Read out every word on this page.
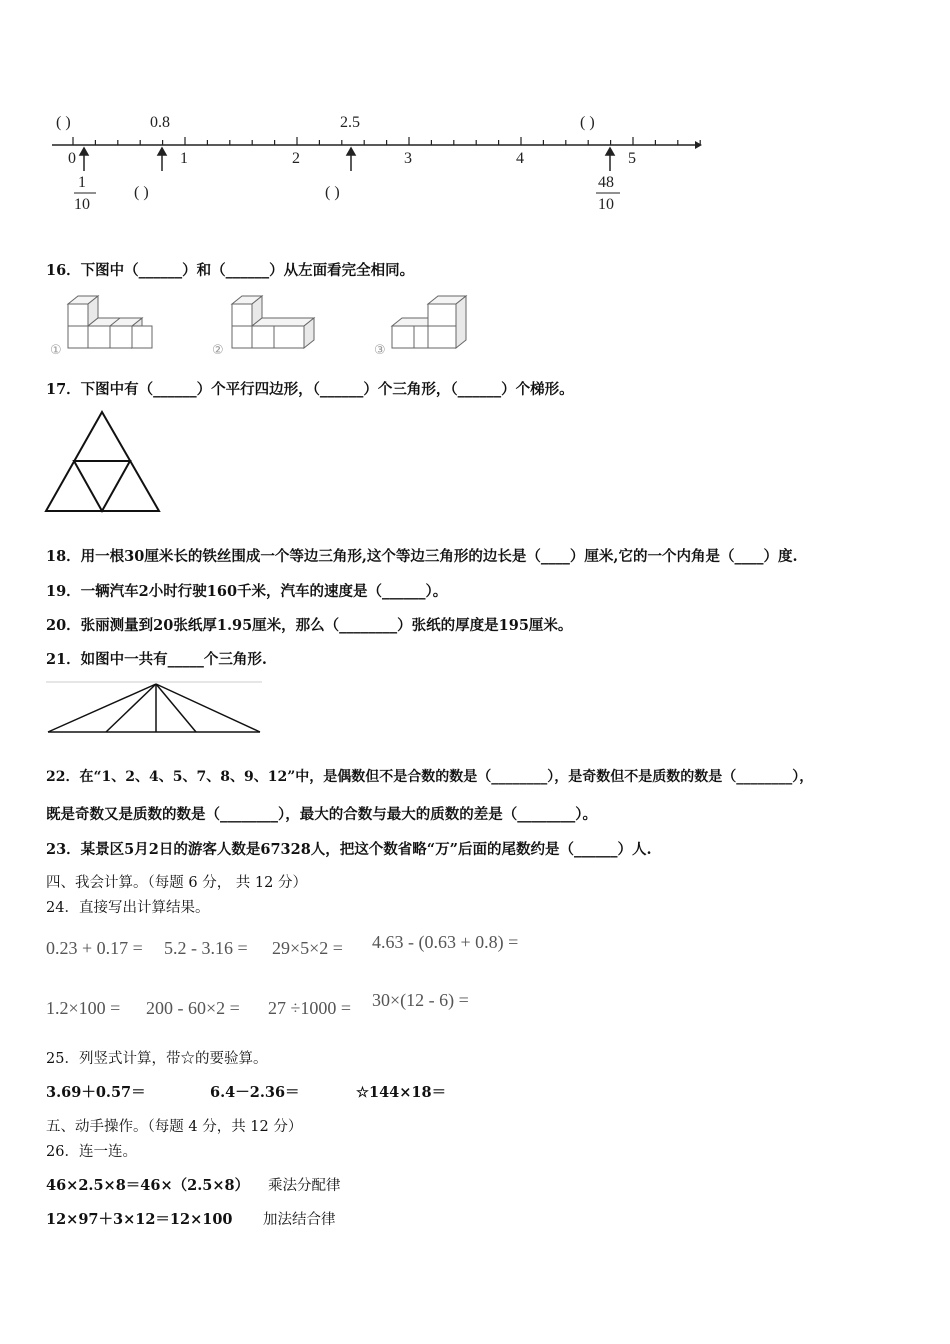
( )	0.8	2.5	( )
0	1	2	3	4	5
1
10
( )	( )
48
10
16．下图中（______）和（______）从左面看完全相同。
①	②	③
17．下图中有（______）个平行四边形，（______）个三角形，（______）个梯形。
18．用一根30厘米长的铁丝围成一个等边三角形,这个等边三角形的边长是（____）厘米,它的一个内角是（____）度.
19．一辆汽车2小时行驶160千米，汽车的速度是（______）。
20．张丽测量到20张纸厚1.95厘米，那么（________）张纸的厚度是195厘米。
21．如图中一共有_____个三角形.
22．在“1、2、4、5、7、8、9、12”中，是偶数但不是合数的数是（________），是奇数但不是质数的数是（________），
既是奇数又是质数的数是（________），最大的合数与最大的质数的差是（________）。
23．某景区5月2日的游客人数是67328人，把这个数省略“万”后面的尾数约是（______）人.
四、我会计算。（每题 6 分， 共 12 分）
24．直接写出计算结果。
0.23 + 0.17 = 5.2 - 3.16 = 29×5×2 = 4.63 - (0.63 + 0.8) =
1.2×100 = 200 - 60×2 = 27 ÷1000 = 30×(12 - 6) =
25．列竖式计算，带☆的要验算。
3.69＋0.57＝	6.4－2.36＝	☆144×18＝
五、动手操作。（每题 4 分，共 12 分）
26．连一连。
46×2.5×8＝46×（2.5×8） 乘法分配律
12×97＋3×12＝12×100 加法结合律
